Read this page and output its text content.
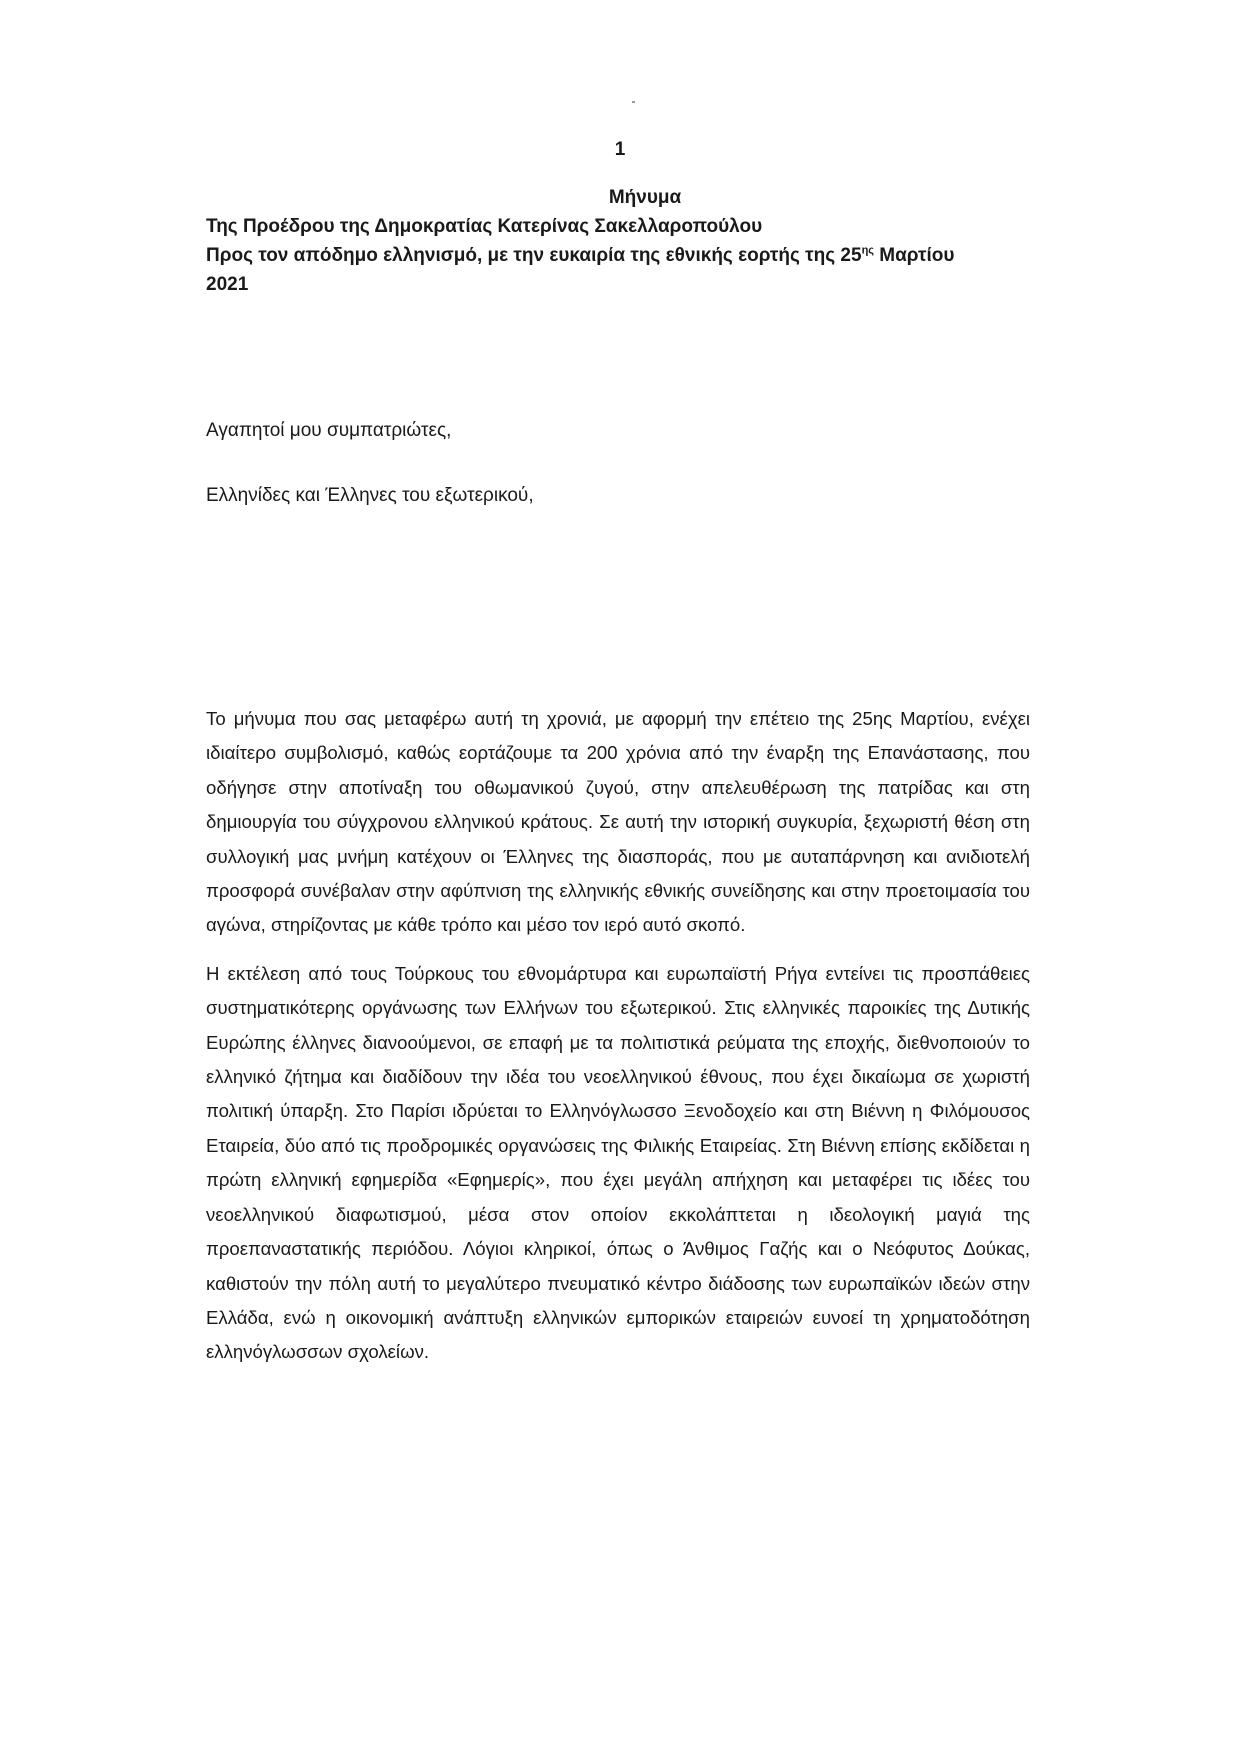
1
Μήνυμα
Της Προέδρου της Δημοκρατίας Κατερίνας Σακελλαροπούλου
Προς τον απόδημο ελληνισμό, με την ευκαιρία της εθνικής εορτής της $25^{\eta\varsigma}$ Μαρτίου
2021
Αγαπητοί μου συμπατριώτες,
Ελληνίδες και Έλληνες του εξωτερικού,

Το μήνυμα που σας μεταφέρω αυτή τη χρονιά, με αφορμή την επέτειο της 25ης Μαρτίου, ενέχει ιδιαίτερο συμβολισμό, καθώς εορτάζουμε τα 200 χρόνια από την έναρξη της Επανάστασης, που οδήγησε στην αποτίναξη του οθωμανικού ζυγού, στην απελευθέρωση της πατρίδας και στη δημιουργία του σύγχρονου ελληνικού κράτους. Σε αυτή την ιστορική συγκυρία, ξεχωριστή θέση στη συλλογική μας μνήμη κατέχουν οι Έλληνες της διασποράς, που με αυταπάρνηση και ανιδιοτελή προσφορά συνέβαλαν στην αφύπνιση της ελληνικής εθνικής συνείδησης και στην προετοιμασία του αγώνα, στηρίζοντας με κάθε τρόπο και μέσο τον ιερό αυτό σκοπό.

Η εκτέλεση από τους Τούρκους του εθνομάρτυρα και ευρωπαϊστή Ρήγα εντείνει τις προσπάθειες συστηματικότερης οργάνωσης των Ελλήνων του εξωτερικού. Στις ελληνικές παροικίες της Δυτικής Ευρώπης έλληνες διανοούμενοι, σε επαφή με τα πολιτιστικά ρεύματα της εποχής, διεθνοποιούν το ελληνικό ζήτημα και διαδίδουν την ιδέα του νεοελληνικού έθνους, που έχει δικαίωμα σε χωριστή πολιτική ύπαρξη. Στο Παρίσι ιδρύεται το Ελληνόγλωσσο Ξενοδοχείο και στη Βιέννη η Φιλόμουσος Εταιρεία, δύο από τις προδρομικές οργανώσεις της Φιλικής Εταιρείας. Στη Βιέννη επίσης εκδίδεται η πρώτη ελληνική εφημερίδα «Εφημερίς», που έχει μεγάλη απήχηση και μεταφέρει τις ιδέες του νεοελληνικού διαφωτισμού, μέσα στον οποίον εκκολάπτεται η ιδεολογική μαγιά της προεπαναστατικής περιόδου. Λόγιοι κληρικοί, όπως ο Άνθιμος Γαζής και ο Νεόφυτος Δούκας, καθιστούν την πόλη αυτή το μεγαλύτερο πνευματικό κέντρο διάδοσης των ευρωπαϊκών ιδεών στην Ελλάδα, ενώ η οικονομική ανάπτυξη ελληνικών εμπορικών εταιρειών ευνοεί τη χρηματοδότηση ελληνόγλωσσων σχολείων.
